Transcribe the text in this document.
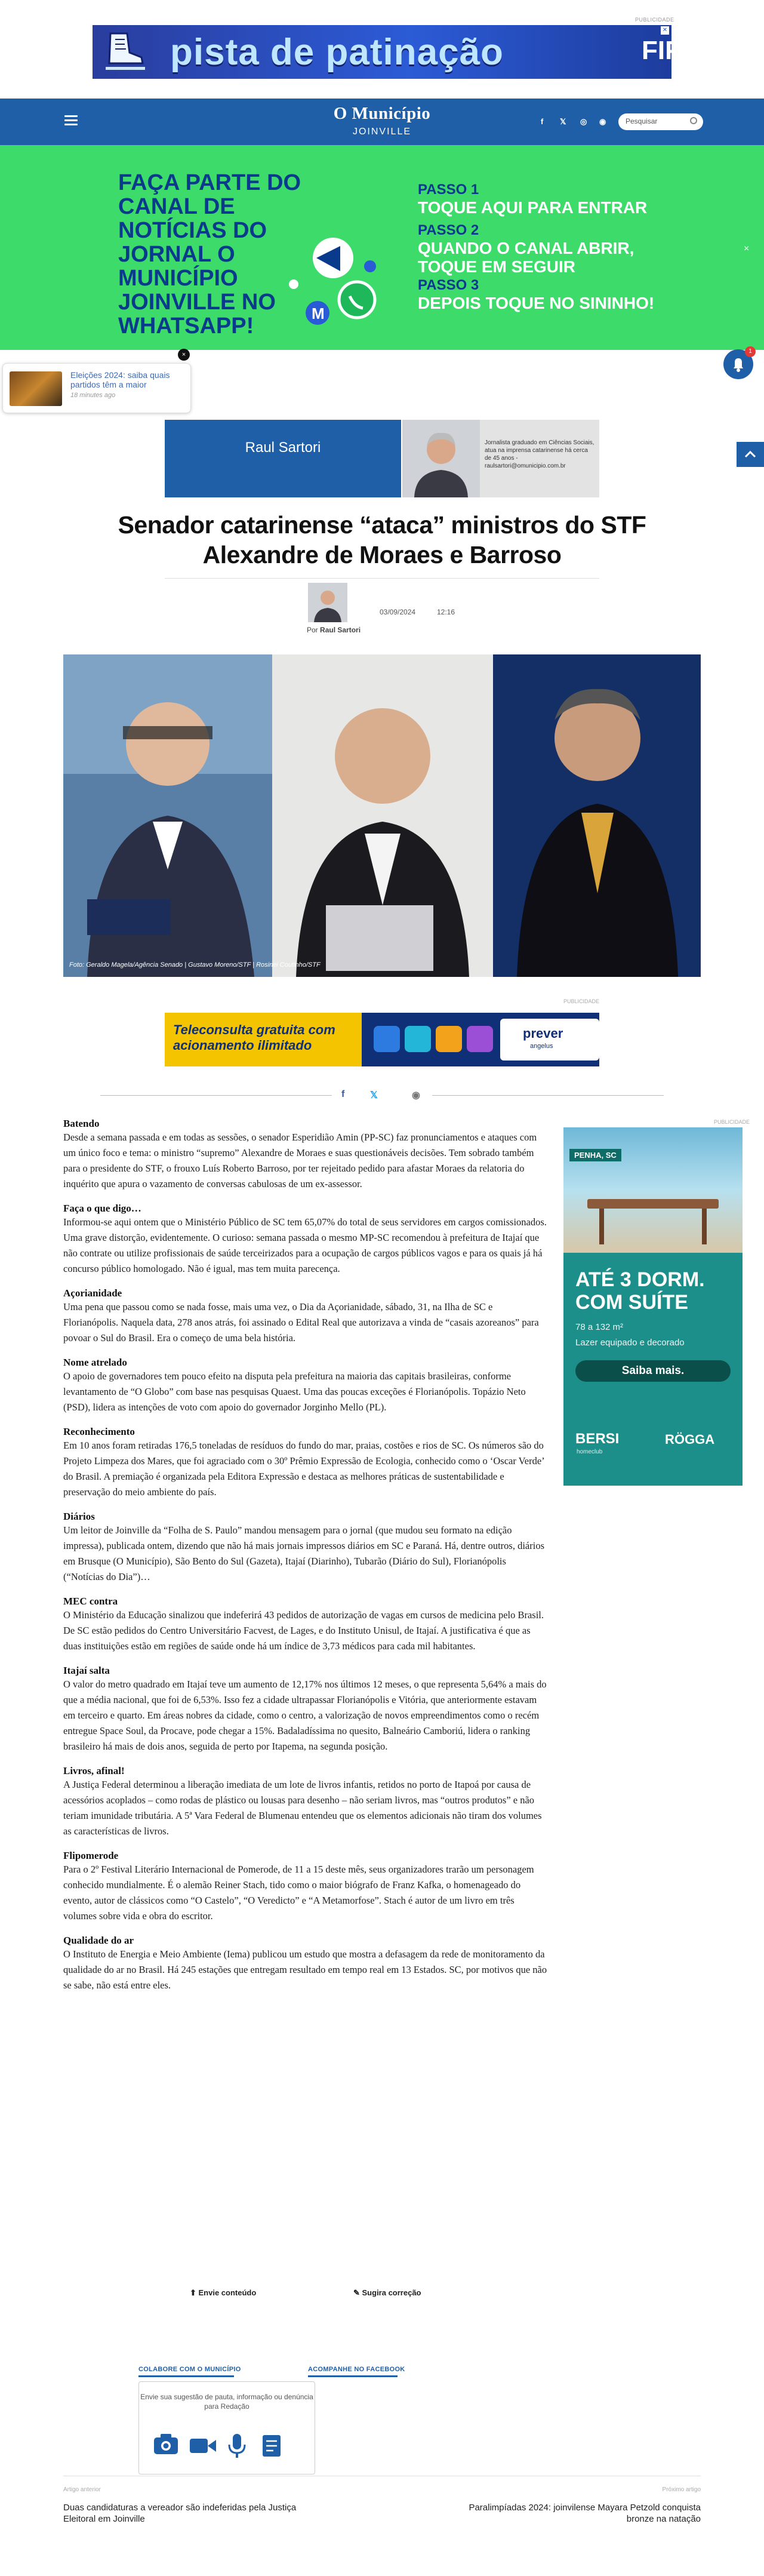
PUBLICIDADE
pista de patinação	FIP A FEIRA DA MODA
✕
O Município
JOINVILLE
f 𝕏 ◎ ◉	Pesquisar
FAÇA PARTE DO CANAL DE NOTÍCIAS DO JORNAL O MUNICÍPIO JOINVILLE NO WHATSAPP!	M
PASSO 1
TOQUE AQUI PARA ENTRAR
PASSO 2
QUANDO O CANAL ABRIR, TOQUE EM SEGUIR
PASSO 3
DEPOIS TOQUE NO SININHO!
×
Eleições 2024: saiba quais partidos têm a maior
18 minutes ago
×	1
Raul Sartori	Jornalista graduado em Ciências Sociais, atua na imprensa catarinense há cerca de 45 anos - raulsartori@omunicipio.com.br
Senador catarinense “ataca” ministros do STF Alexandre de Moraes e Barroso
03/09/2024	12:16
Por Raul Sartori
Foto: Geraldo Magela/Agência Senado | Gustavo Moreno/STF | Rosinei Coutinho/STF
PUBLICIDADE
Teleconsulta gratuita com acionamento ilimitado
prever
angelus
f	𝕏	◉
PUBLICIDADE
PENHA, SC
ATÉ 3 DORM. COM SUÍTE
78 a 132 m²
Lazer equipado e decorado
Saiba mais.
BERSI
homeclub
RÖGGA
Batendo
Desde a semana passada e em todas as sessões, o senador Esperidião Amin (PP-SC) faz pronunciamentos e ataques com um único foco e tema: o ministro “supremo” Alexandre de Moraes e suas questionáveis decisões. Tem sobrado também para o presidente do STF, o frouxo Luís Roberto Barroso, por ter rejeitado pedido para afastar Moraes da relatoria do inquérito que apura o vazamento de conversas cabulosas de um ex-assessor.
Faça o que digo…
Informou-se aqui ontem que o Ministério Público de SC tem 65,07% do total de seus servidores em cargos comissionados. Uma grave distorção, evidentemente. O curioso: semana passada o mesmo MP-SC recomendou à prefeitura de Itajaí que não contrate ou utilize profissionais de saúde terceirizados para a ocupação de cargos públicos vagos e para os quais já há concurso público homologado. Não é igual, mas tem muita parecença.
Açorianidade
Uma pena que passou como se nada fosse, mais uma vez, o Dia da Açorianidade, sábado, 31, na Ilha de SC e Florianópolis. Naquela data, 278 anos atrás, foi assinado o Edital Real que autorizava a vinda de “casais azoreanos” para povoar o Sul do Brasil. Era o começo de uma bela história.
Nome atrelado
O apoio de governadores tem pouco efeito na disputa pela prefeitura na maioria das capitais brasileiras, conforme levantamento de “O Globo” com base nas pesquisas Quaest. Uma das poucas exceções é Florianópolis. Topázio Neto (PSD), lidera as intenções de voto com apoio do governador Jorginho Mello (PL).
Reconhecimento
Em 10 anos foram retiradas 176,5 toneladas de resíduos do fundo do mar, praias, costões e rios de SC. Os números são do Projeto Limpeza dos Mares, que foi agraciado com o 30º Prêmio Expressão de Ecologia, conhecido como o ‘Oscar Verde’ do Brasil. A premiação é organizada pela Editora Expressão e destaca as melhores práticas de sustentabilidade e preservação do meio ambiente do país.
Diários
Um leitor de Joinville da “Folha de S. Paulo” mandou mensagem para o jornal (que mudou seu formato na edição impressa), publicada ontem, dizendo que não há mais jornais impressos diários em SC e Paraná. Há, dentre outros, diários em Brusque (O Município), São Bento do Sul (Gazeta), Itajaí (Diarinho), Tubarão (Diário do Sul), Florianópolis (“Notícias do Dia”)…
MEC contra
O Ministério da Educação sinalizou que indeferirá 43 pedidos de autorização de vagas em cursos de medicina pelo Brasil. De SC estão pedidos do Centro Universitário Facvest, de Lages, e do Instituto Unisul, de Itajaí. A justificativa é que as duas instituições estão em regiões de saúde onde há um índice de 3,73 médicos para cada mil habitantes.
Itajaí salta
O valor do metro quadrado em Itajaí teve um aumento de 12,17% nos últimos 12 meses, o que representa 5,64% a mais do que a média nacional, que foi de 6,53%. Isso fez a cidade ultrapassar Florianópolis e Vitória, que anteriormente estavam em terceiro e quarto. Em áreas nobres da cidade, como o centro, a valorização de novos empreendimentos como o recém entregue Space Soul, da Procave, pode chegar a 15%. Badaladíssima no quesito, Balneário Camboriú, lidera o ranking brasileiro há mais de dois anos, seguida de perto por Itapema, na segunda posição.
Livros, afinal!
A Justiça Federal determinou a liberação imediata de um lote de livros infantis, retidos no porto de Itapoá por causa de acessórios acoplados – como rodas de plástico ou lousas para desenho – não seriam livros, mas “outros produtos” e não teriam imunidade tributária. A 5ª Vara Federal de Blumenau entendeu que os elementos adicionais não tiram dos volumes as características de livros.
Flipomerode
Para o 2º Festival Literário Internacional de Pomerode, de 11 a 15 deste mês, seus organizadores trarão um personagem conhecido mundialmente. É o alemão Reiner Stach, tido como o maior biógrafo de Franz Kafka, o homenageado do evento, autor de clássicos como “O Castelo”, “O Veredicto” e “A Metamorfose”. Stach é autor de um livro em três volumes sobre vida e obra do escritor.
Qualidade do ar
O Instituto de Energia e Meio Ambiente (Iema) publicou um estudo que mostra a defasagem da rede de monitoramento da qualidade do ar no Brasil. Há 245 estações que entregam resultado em tempo real em 13 Estados. SC, por motivos que não se sabe, não está entre eles.
⬆ Envie conteúdo	✎ Sugira correção
COLABORE COM O MUNICÍPIO	ACOMPANHE NO FACEBOOK
Envie sua sugestão de pauta, informação ou denúncia para Redação
Artigo anterior
Duas candidaturas a vereador são indeferidas pela Justiça Eleitoral em Joinville
Próximo artigo
Paralimpíadas 2024: joinvilense Mayara Petzold conquista bronze na natação
